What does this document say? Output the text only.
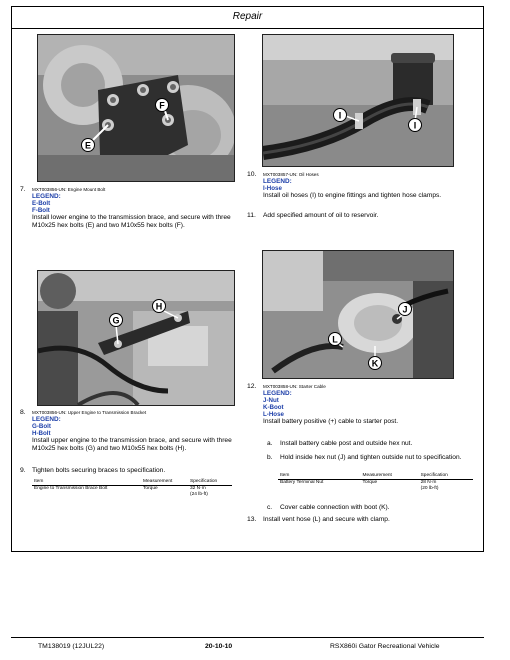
Repair
E
F
7. MXT003856-UN: Engine Mount Bolt
LEGEND:
E-Bolt
F-Bolt
Install lower engine to the transmission brace, and secure with three M10x25 hex bolts (E) and two M10x55 hex bolts (F).
G
H
8. MXT003856-UN: Upper Engine to Transmission Bracket
LEGEND:
G-Bolt
H-Bolt
Install upper engine to the transmission brace, and secure with three M10x25 hex bolts (G) and two M10x55 hex bolts (H).
9. Tighten bolts securing braces to specification.
Item	Measurement	Specification
Engine to Transmission Brace Bolt	Torque	32 N·m
(24 lb-ft)
I
I
10. MXT003857-UN: Oil Hoses
LEGEND:
I-Hose
Install oil hoses (I) to engine fittings and tighten hose clamps.
11. Add specified amount of oil to reservoir.
J
K
L
12. MXT003858-UN: Starter Cable
LEGEND:
J-Nut
K-Boot
L-Hose
Install battery positive (+) cable to starter post.
a. Install battery cable post and outside hex nut.
b. Hold inside hex nut (J) and tighten outside nut to specification.
Item	Measurement	Specification
Battery Terminal Nut	Torque	28 N·m
(20 lb-ft)
c. Cover cable connection with boot (K).
13. Install vent hose (L) and secure with clamp.
TM138019 (12JUL22)	20-10-10	RSX860i Gator Recreational Vehicle
